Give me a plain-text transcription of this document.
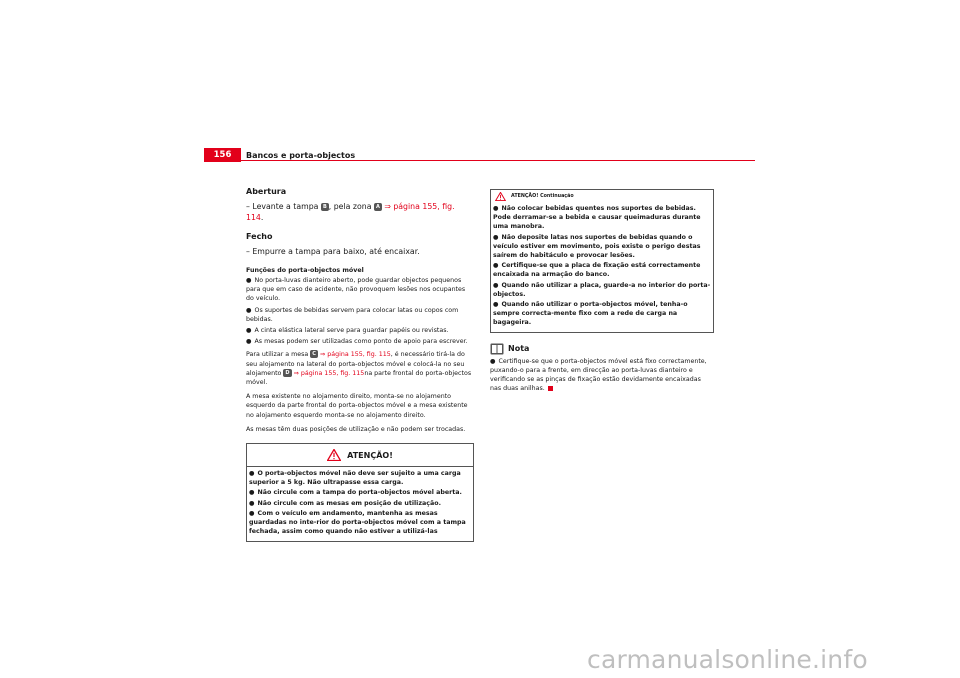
156	Bancos e porta-objectos
Abertura
– Levante a tampa B , pela zona A ⇒ página 155, fig. 114.
Fecho
– Empurre a tampa para baixo, até encaixar.
Funções do porta-objectos móvel
● No porta-luvas dianteiro aberto, pode guardar objectos pequenos para que em caso de acidente, não provoquem lesões nos ocupantes do veículo.
● Os suportes de bebidas servem para colocar latas ou copos com bebidas.
● A cinta elástica lateral serve para guardar papéis ou revistas.
● As mesas podem ser utilizadas como ponto de apoio para escrever.
Para utilizar a mesa C ⇒ página 155, fig. 115, é necessário tirá-la do seu alojamento na lateral do porta-objectos móvel e colocá-la no seu alojamento D ⇒ página 155, fig. 115na parte frontal do porta-objectos móvel.
A mesa existente no alojamento direito, monta-se no alojamento esquerdo da parte frontal do porta-objectos móvel e a mesa existente no alojamento esquerdo monta-se no alojamento direito.
As mesas têm duas posições de utilização e não podem ser trocadas.
ATENÇÃO!
● O porta-objectos móvel não deve ser sujeito a uma carga superior a 5 kg. Não ultrapasse essa carga.
● Não circule com a tampa do porta-objectos móvel aberta.
● Não circule com as mesas em posição de utilização.
● Com o veículo em andamento, mantenha as mesas guardadas no inte-rior do porta-objectos móvel com a tampa fechada, assim como quando não estiver a utilizá-las
ATENÇÃO! Continuação
● Não colocar bebidas quentes nos suportes de bebidas. Pode derramar-se a bebida e causar queimaduras durante uma manobra.
● Não deposite latas nos suportes de bebidas quando o veículo estiver em movimento, pois existe o perigo destas saírem do habitáculo e provocar lesões.
● Certifique-se que a placa de fixação está correctamente encaixada na armação do banco.
● Quando não utilizar a placa, guarde-a no interior do porta-objectos.
● Quando não utilizar o porta-objectos móvel, tenha-o sempre correcta-mente fixo com a rede de carga na bagageira.
Nota
● Certifique-se que o porta-objectos móvel está fixo correctamente, puxando-o para a frente, em direcção ao porta-luvas dianteiro e verificando se as pinças de fixação estão devidamente encaixadas nas duas anilhas.
carmanualsonline.info
